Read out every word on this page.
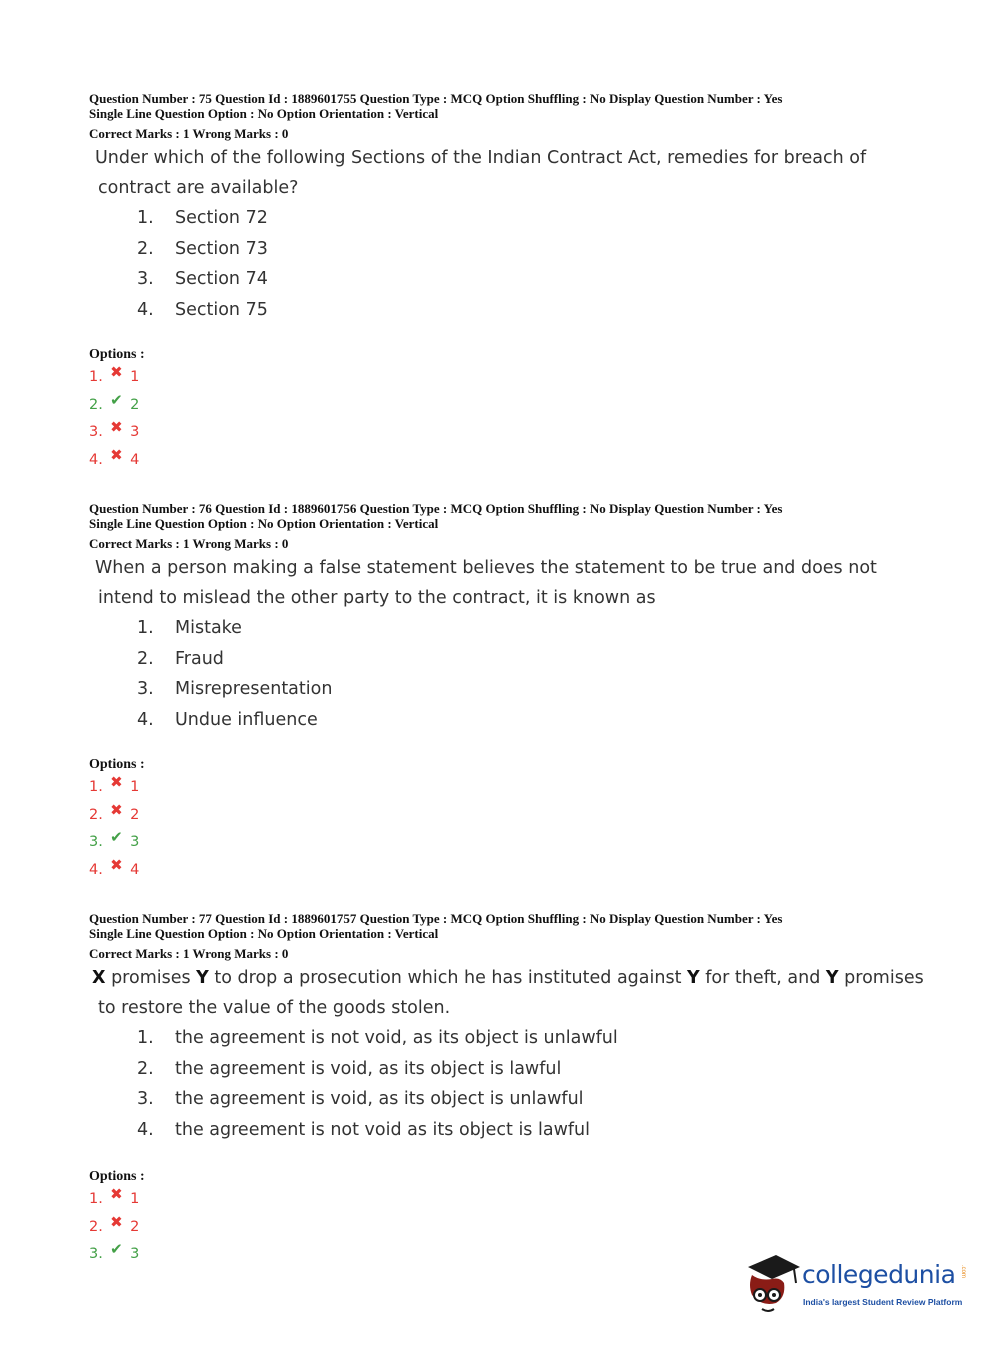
Question Number : 75 Question Id : 1889601755 Question Type : MCQ Option Shuffling : No Display Question Number : Yes

Single Line Question Option : No Option Orientation : Vertical

Correct Marks : 1 Wrong Marks : 0

Under which of the following Sections of the Indian Contract Act, remedies for breach of
contract are available?
1. Section 72
2. Section 73
3. Section 74
4. Section 75

Options :

1. ✖ 1
2. ✔ 2
3. ✖ 3
4. ✖ 4

Question Number : 76 Question Id : 1889601756 Question Type : MCQ Option Shuffling : No Display Question Number : Yes

Single Line Question Option : No Option Orientation : Vertical

Correct Marks : 1 Wrong Marks : 0

When a person making a false statement believes the statement to be true and does not
intend to mislead the other party to the contract, it is known as
1. Mistake
2. Fraud
3. Misrepresentation
4. Undue influence

Options :

1. ✖ 1
2. ✖ 2
3. ✔ 3
4. ✖ 4

Question Number : 77 Question Id : 1889601757 Question Type : MCQ Option Shuffling : No Display Question Number : Yes

Single Line Question Option : No Option Orientation : Vertical

Correct Marks : 1 Wrong Marks : 0

X promises Y to drop a prosecution which he has instituted against Y for theft, and Y promises
to restore the value of the goods stolen.
1. the agreement is not void, as its object is unlawful
2. the agreement is void, as its object is lawful
3. the agreement is void, as its object is unlawful
4. the agreement is not void as its object is lawful

Options :

1. ✖ 1
2. ✖ 2
3. ✔ 3
collegedunia .com
India's largest Student Review Platform
